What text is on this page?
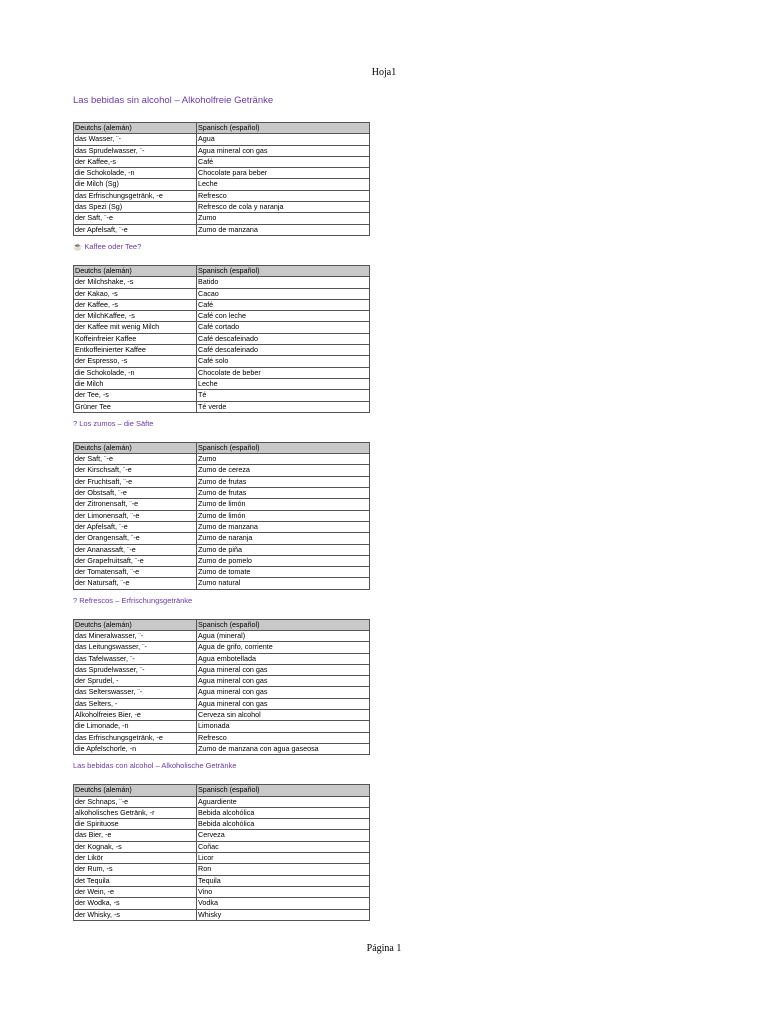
Hoja1
Las bebidas sin alcohol – Alkoholfreie Getränke
Deutchs (alemán)	Spanisch (español)
das Wasser, ¨-	Agua
das Sprudelwasser, ¨-	Agua mineral con gas
der Kaffee,-s	Café
die Schokolade, -n	Chocolate para beber
die Milch (Sg)	Leche
das Erfrischungsgetränk, -e	Refresco
das Spezi (Sg)	Refresco de cola y naranja
der Saft, ¨-e	Zumo
der Apfelsaft, ¨-e	Zumo de manzana
☕ Kaffee oder Tee?
Deutchs (alemán)	Spanisch (español)
der Milchshake, -s	Batido
der Kakao, -s	Cacao
der Kaffee, -s	Café
der MilchKaffee, -s	Café con leche
der Kaffee mit wenig Milch	Café cortado
Koffeinfreier Kaffee	Café descafeinado
Entkoffeinierter Kaffee	Café descafeinado
der Espresso, -s	Café solo
die Schokolade, -n	Chocolate de beber
die Milch	Leche
der Tee, -s	Té
Grüner Tee	Té verde
? Los zumos – die Säfte
Deutchs (alemán)	Spanisch (español)
der Saft, ¨-e	Zumo
der Kirschsaft, ¨-e	Zumo de cereza
der Fruchtsaft, ¨-e	Zumo de frutas
der Obstsaft, ¨-e	Zumo de frutas
der Zitronensaft, ¨-e	Zumo de limón
der Limonensaft, ¨-e	Zumo de limón
der Apfelsaft, ¨-e	Zumo de manzana
der Orangensaft, ¨-e	Zumo de naranja
der Ananassaft, ¨-e	Zumo de piña
der Grapefruitsaft, ¨-e	Zumo de pomelo
der Tomatensaft, ¨-e	Zumo de tomate
der Natursaft, ¨-e	Zumo natural
? Refrescos – Erfrischungsgetränke
Deutchs (alemán)	Spanisch (español)
das Mineralwasser, ¨-	Agua (mineral)
das Leitungswasser, ¨-	Agua de grifo, corriente
das Tafelwasser, ¨-	Agua embotellada
das Sprudelwasser, ¨-	Agua mineral con gas
der Sprudel, -	Agua mineral con gas
das Selterswasser, ¨-	Agua mineral con gas
das Selters, -	Agua mineral con gas
Alkoholfreies Bier, -e	Cerveza sin alcohol
die Limonade, -n	Limonada
das Erfrischungsgetränk, -e	Refresco
die Apfelschorle, -n	Zumo de manzana con agua gaseosa
Las bebidas con alcohol – Alkoholische Getränke
Deutchs (alemán)	Spanisch (español)
der Schnaps, ¨-e	Aguardiente
alkoholisches Getränk, -r	Bebida alcohólica
die Spirituose	Bebida alcohólica
das Bier, -e	Cerveza
der Kognak, -s	Coñac
der Likör	Licor
der Rum, -s	Ron
det Tequila	Tequila
der Wein, -e	Vino
der Wodka, -s	Vodka
der Whisky, -s	Whisky
Página 1
